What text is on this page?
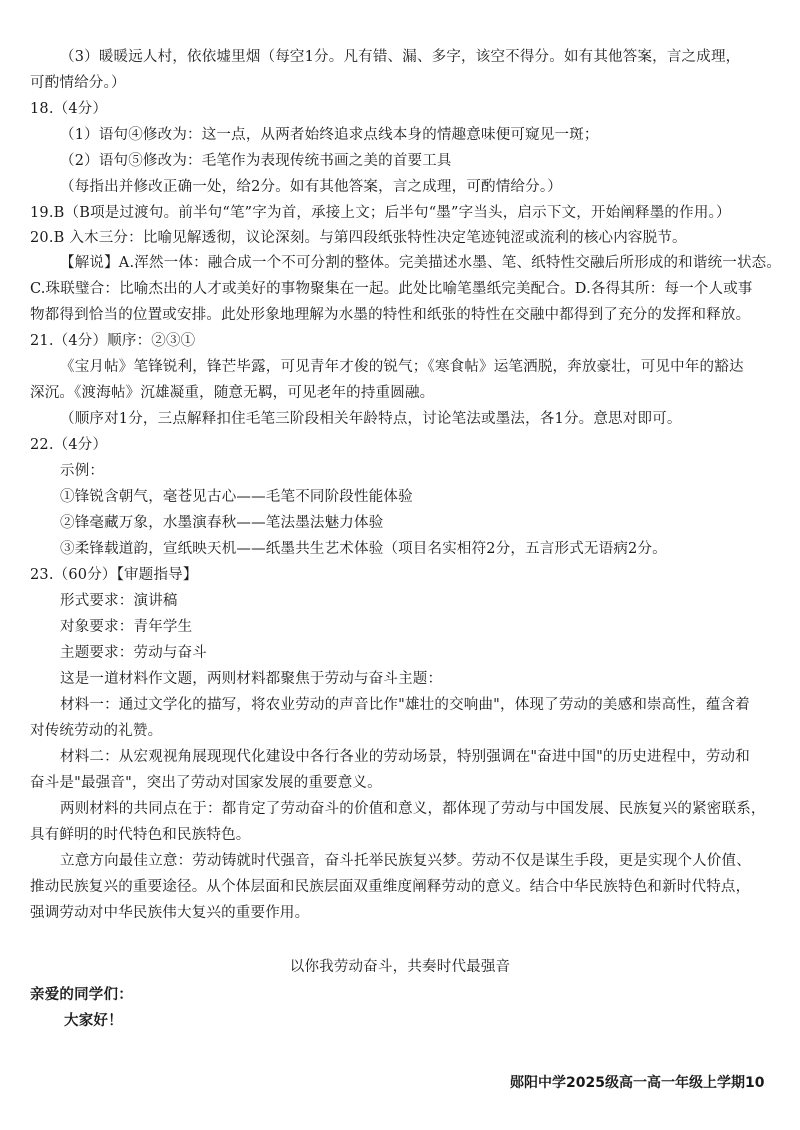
（3）暖暖远人村，依依墟里烟（每空1分。凡有错、漏、多字，该空不得分。如有其他答案，言之成理，
可酌情给分。）
18.（4分）
（1）语句④修改为：这一点，从两者始终追求点线本身的情趣意味便可窥见一斑；
（2）语句⑤修改为：毛笔作为表现传统书画之美的首要工具
（每指出并修改正确一处，给2分。如有其他答案，言之成理，可酌情给分。）
19.B（B项是过渡句。前半句“笔”字为首，承接上文；后半句“墨”字当头，启示下文，开始阐释墨的作用。）
20.B 入木三分：比喻见解透彻，议论深刻。与第四段纸张特性决定笔迹钝涩或流利的核心内容脱节。
【解说】A.浑然一体：融合成一个不可分割的整体。完美描述水墨、笔、纸特性交融后所形成的和谐统一状态。
C.珠联璧合：比喻杰出的人才或美好的事物聚集在一起。此处比喻笔墨纸完美配合。D.各得其所：每一个人或事
物都得到恰当的位置或安排。此处形象地理解为水墨的特性和纸张的特性在交融中都得到了充分的发挥和释放。
21.（4分）顺序：②③①
《宝月帖》笔锋锐利，锋芒毕露，可见青年才俊的锐气；《寒食帖》运笔洒脱，奔放豪壮，可见中年的豁达
深沉。《渡海帖》沉雄凝重，随意无羁，可见老年的持重圆融。
（顺序对1分，三点解释扣住毛笔三阶段相关年龄特点，讨论笔法或墨法，各1分。意思对即可。
22.（4分）
示例：
①锋锐含朝气，毫苍见古心——毛笔不同阶段性能体验
②锋毫藏万象，水墨演春秋——笔法墨法魅力体验
③柔锋载道韵，宣纸映天机——纸墨共生艺术体验（项目名实相符2分，五言形式无语病2分。
23.（60分）【审题指导】
形式要求：演讲稿
对象要求：青年学生
主题要求：劳动与奋斗
这是一道材料作文题，两则材料都聚焦于劳动与奋斗主题：
材料一：通过文学化的描写，将农业劳动的声音比作"雄壮的交响曲"，体现了劳动的美感和崇高性，蕴含着
对传统劳动的礼赞。
材料二：从宏观视角展现现代化建设中各行各业的劳动场景，特别强调在"奋进中国"的历史进程中，劳动和
奋斗是"最强音"，突出了劳动对国家发展的重要意义。
两则材料的共同点在于：都肯定了劳动奋斗的价值和意义，都体现了劳动与中国发展、民族复兴的紧密联系，
具有鲜明的时代特色和民族特色。
立意方向最佳立意：劳动铸就时代强音，奋斗托举民族复兴梦。劳动不仅是谋生手段，更是实现个人价值、
推动民族复兴的重要途径。从个体层面和民族层面双重维度阐释劳动的意义。结合中华民族特色和新时代特点，
强调劳动对中华民族伟大复兴的重要作用。
以你我劳动奋斗，共奏时代最强音
亲爱的同学们：
大家好！
郧阳中学2025级高一高一年级上学期10
